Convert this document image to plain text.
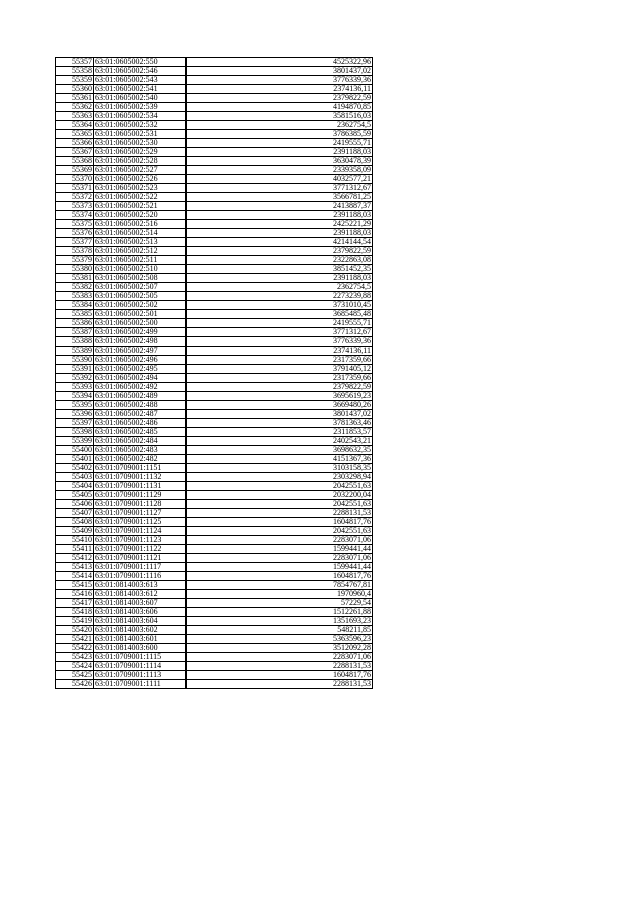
55357	63:01:0605002:550	4525322,96
55358	63:01:0605002:546	3801437,02
55359	63:01:0605002:543	3776339,36
55360	63:01:0605002:541	2374136,11
55361	63:01:0605002:540	2379822,59
55362	63:01:0605002:539	4194870,85
55363	63:01:0605002:534	3581516,03
55364	63:01:0605002:532	2362754,5
55365	63:01:0605002:531	3786385,59
55366	63:01:0605002:530	2419555,71
55367	63:01:0605002:529	2391188,03
55368	63:01:0605002:528	3630478,39
55369	63:01:0605002:527	2339358,09
55370	63:01:0605002:526	4032577,21
55371	63:01:0605002:523	3771312,67
55372	63:01:0605002:522	3566781,25
55373	63:01:0605002:521	2413887,37
55374	63:01:0605002:520	2391188,03
55375	63:01:0605002:516	2425221,29
55376	63:01:0605002:514	2391188,03
55377	63:01:0605002:513	4214144,54
55378	63:01:0605002:512	2379822,59
55379	63:01:0605002:511	2322863,08
55380	63:01:0605002:510	3851452,35
55381	63:01:0605002:508	2391188,03
55382	63:01:0605002:507	2362754,5
55383	63:01:0605002:505	2273239,88
55384	63:01:0605002:502	3731010,45
55385	63:01:0605002:501	3685485,48
55386	63:01:0605002:500	2419555,71
55387	63:01:0605002:499	3771312,67
55388	63:01:0605002:498	3776339,36
55389	63:01:0605002:497	2374136,11
55390	63:01:0605002:496	2317359,66
55391	63:01:0605002:495	3791405,12
55392	63:01:0605002:494	2317359,66
55393	63:01:0605002:492	2379822,59
55394	63:01:0605002:489	3695619,23
55395	63:01:0605002:488	3669480,26
55396	63:01:0605002:487	3801437,02
55397	63:01:0605002:486	3781363,46
55398	63:01:0605002:485	2311853,57
55399	63:01:0605002:484	2402543,21
55400	63:01:0605002:483	3698632,35
55401	63:01:0605002:482	4151367,36
55402	63:01:0709001:1151	3103158,35
55403	63:01:0709001:1132	2303298,94
55404	63:01:0709001:1131	2042551,63
55405	63:01:0709001:1129	2032200,04
55406	63:01:0709001:1128	2042551,63
55407	63:01:0709001:1127	2288131,53
55408	63:01:0709001:1125	1604817,76
55409	63:01:0709001:1124	2042551,63
55410	63:01:0709001:1123	2283071,06
55411	63:01:0709001:1122	1599441,44
55412	63:01:0709001:1121	2283071,06
55413	63:01:0709001:1117	1599441,44
55414	63:01:0709001:1116	1604817,76
55415	63:01:0814003:613	7854767,81
55416	63:01:0814003:612	1970960,4
55417	63:01:0814003:607	57229,54
55418	63:01:0814003:606	1512261,88
55419	63:01:0814003:604	1351693,23
55420	63:01:0814003:602	548211,85
55421	63:01:0814003:601	5363596,23
55422	63:01:0814003:600	3512092,28
55423	63:01:0709001:1115	2283071,06
55424	63:01:0709001:1114	2288131,53
55425	63:01:0709001:1113	1604817,76
55426	63:01:0709001:1111	2288131,53
